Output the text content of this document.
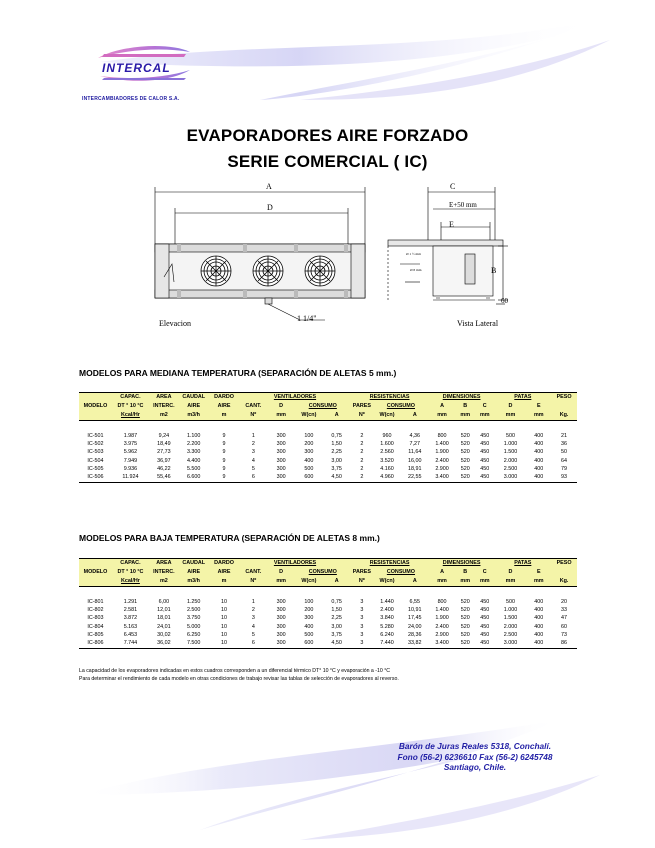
INTERCAL
INTERCAMBIADORES DE CALOR S.A.
EVAPORADORES AIRE FORZADO
SERIE COMERCIAL ( IC)
A
D
C
E+50 mm
E
B
60
1 1/4"
Elevacion	Vista Lateral
Ø 1 ½ mm
Ø 8 mm
MODELOS PARA MEDIANA TEMPERATURA (SEPARACIÓN DE ALETAS 5 mm.)
	CAPAC.	AREA	CAUDAL	DARDO	VENTILADORES				RESISTENCIAS			DIMENSIONES			PATAS		PESO
MODELO	DT ° 10 °C	INTERC.	AIRE	AIRE	CANT.	D	CONSUMO		PARES	CONSUMO		A	B	C	D	E	
	Kcal/Hr	m2	m3/h	m	Nº	mm	W(cn)	A	Nº	W(cn)	A	mm	mm	mm	mm	mm	Kg.

IC-501	1.987	9,24	1.100	9	1	300	100	0,75	2	960	4,36	800	520	450	500	400	21
IC-502	3.975	18,49	2.200	9	2	300	200	1,50	2	1.600	7,27	1.400	520	450	1.000	400	36
IC-503	5.962	27,73	3.300	9	3	300	300	2,25	2	2.560	11,64	1.900	520	450	1.500	400	50
IC-504	7.949	36,97	4.400	9	4	300	400	3,00	2	3.520	16,00	2.400	520	450	2.000	400	64
IC-505	9.936	46,22	5.500	9	5	300	500	3,75	2	4.160	18,91	2.900	520	450	2.500	400	79
IC-506	11.924	55,46	6.600	9	6	300	600	4,50	2	4.960	22,55	3.400	520	450	3.000	400	93
MODELOS PARA BAJA TEMPERATURA (SEPARACIÓN DE ALETAS 8 mm.)
	CAPAC.	AREA	CAUDAL	DARDO	VENTILADORES				RESISTENCIAS			DIMENSIONES			PATAS		PESO
MODELO	DT ° 10 °C	INTERC.	AIRE	AIRE	CANT.	D	CONSUMO		PARES	CONSUMO		A	B	C	D	E	
	Kcal/Hr	m2	m3/h	m	Nº	mm	W(cn)	A	Nº	W(cn)	A	mm	mm	mm	mm	mm	Kg.

IC-801	1.291	6,00	1.250	10	1	300	100	0,75	3	1.440	6,55	800	520	450	500	400	20
IC-802	2.581	12,01	2.500	10	2	300	200	1,50	3	2.400	10,91	1.400	520	450	1.000	400	33
IC-803	3.872	18,01	3.750	10	3	300	300	2,25	3	3.840	17,45	1.900	520	450	1.500	400	47
IC-804	5.163	24,01	5.000	10	4	300	400	3,00	3	5.280	24,00	2.400	520	450	2.000	400	60
IC-805	6.453	30,02	6.250	10	5	300	500	3,75	3	6.240	28,36	2.900	520	450	2.500	400	73
IC-806	7.744	36,02	7.500	10	6	300	600	4,50	3	7.440	33,82	3.400	520	450	3.000	400	86
La capacidad de los evaporadores indicadas en estos cuadros corresponden a un diferencial térmico DT° 10 °C y evaporación a -10 °C
Para determinar el rendimiento de cada modelo en otras condiciones de trabajo revisar las tablas de selección de evaporadores al reverso.
Barón de Juras Reales 5318, Conchalí.
Fono (56-2) 6236610 Fax (56-2) 6245748
Santiago, Chile.
